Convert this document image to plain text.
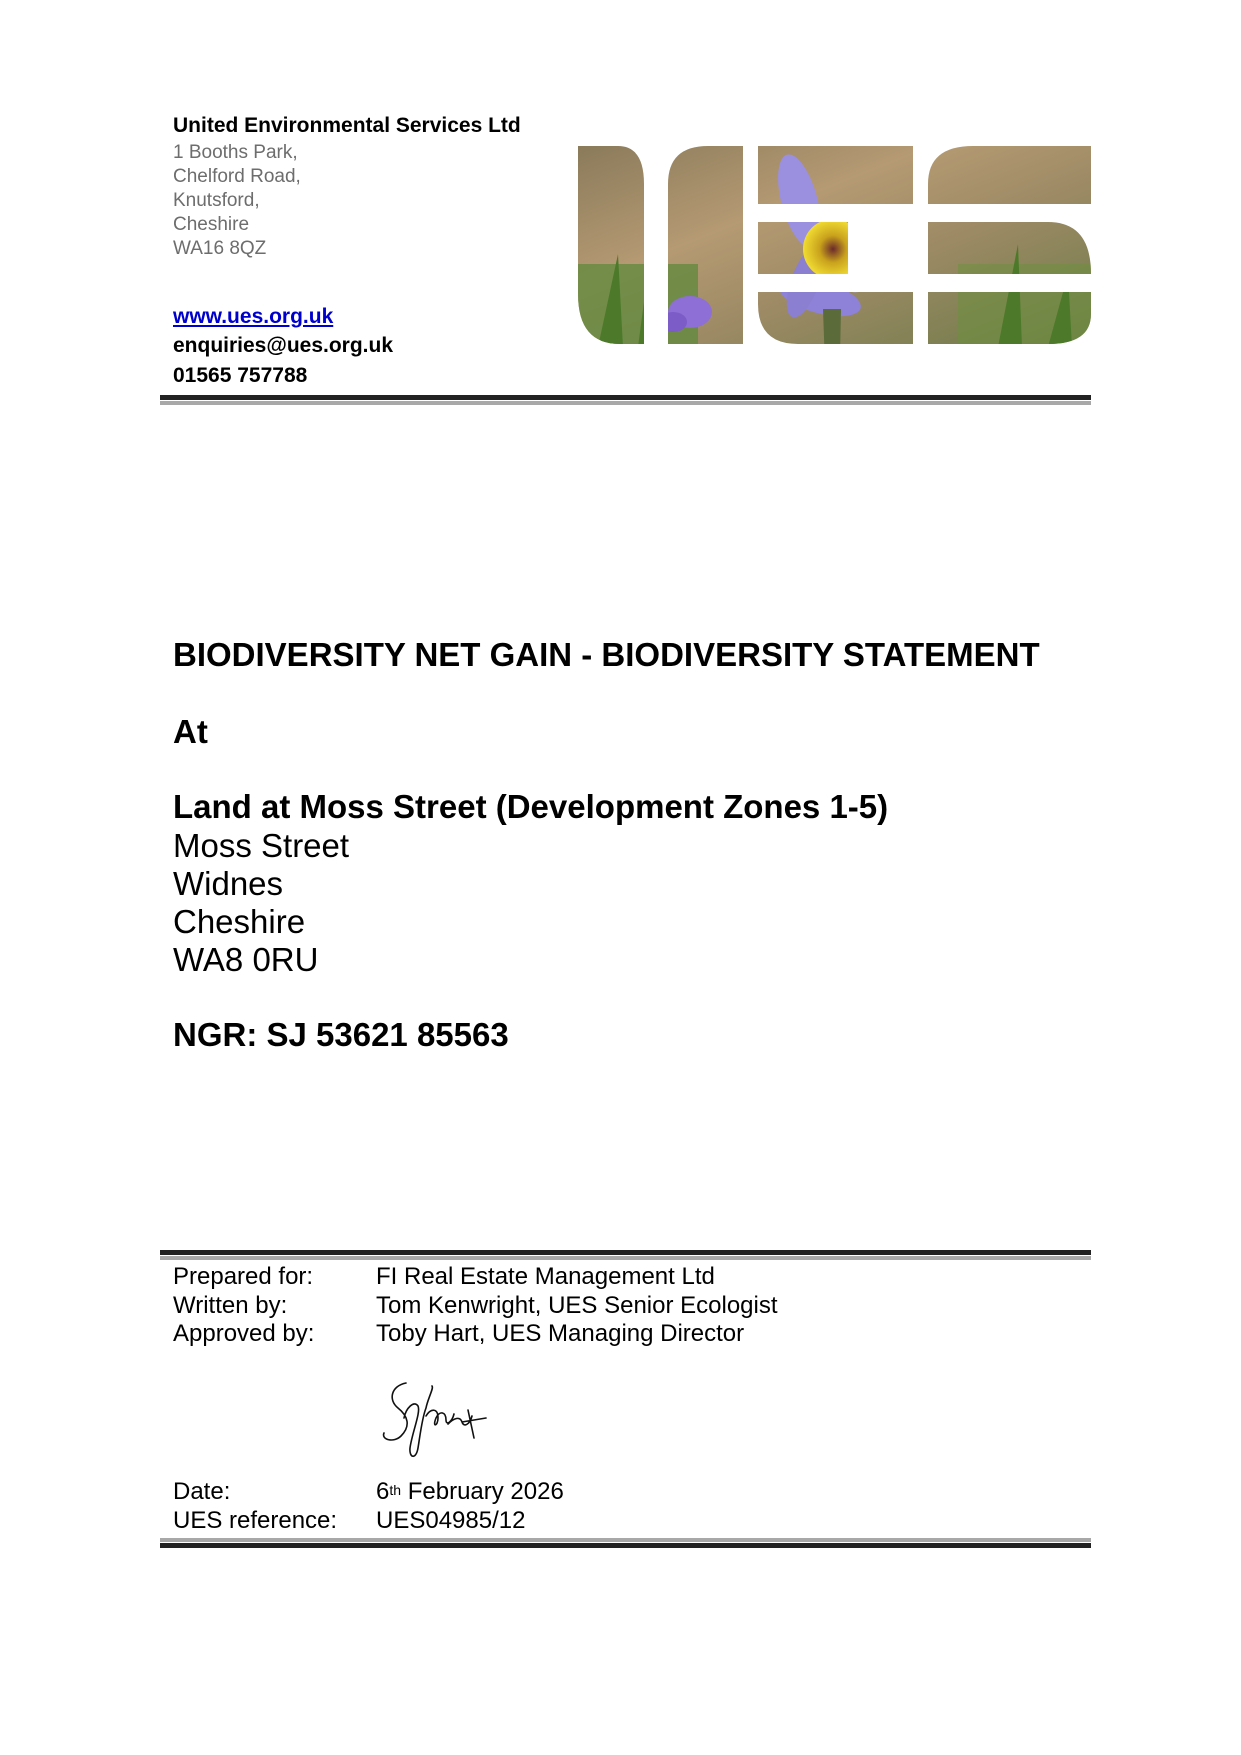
United Environmental Services Ltd
1 Booths Park,
Chelford Road,
Knutsford,
Cheshire
WA16 8QZ
www.ues.org.uk
enquiries@ues.org.uk
01565 757788
BIODIVERSITY NET GAIN - BIODIVERSITY STATEMENT
At
Land at Moss Street (Development Zones 1-5)
Moss Street
Widnes
Cheshire
WA8 0RU
NGR: SJ 53621 85563
Prepared for:	FI Real Estate Management Ltd
Written by:	Tom Kenwright, UES Senior Ecologist
Approved by:	Toby Hart, UES Managing Director
Date:	6th February 2026
UES reference: UES04985/12
